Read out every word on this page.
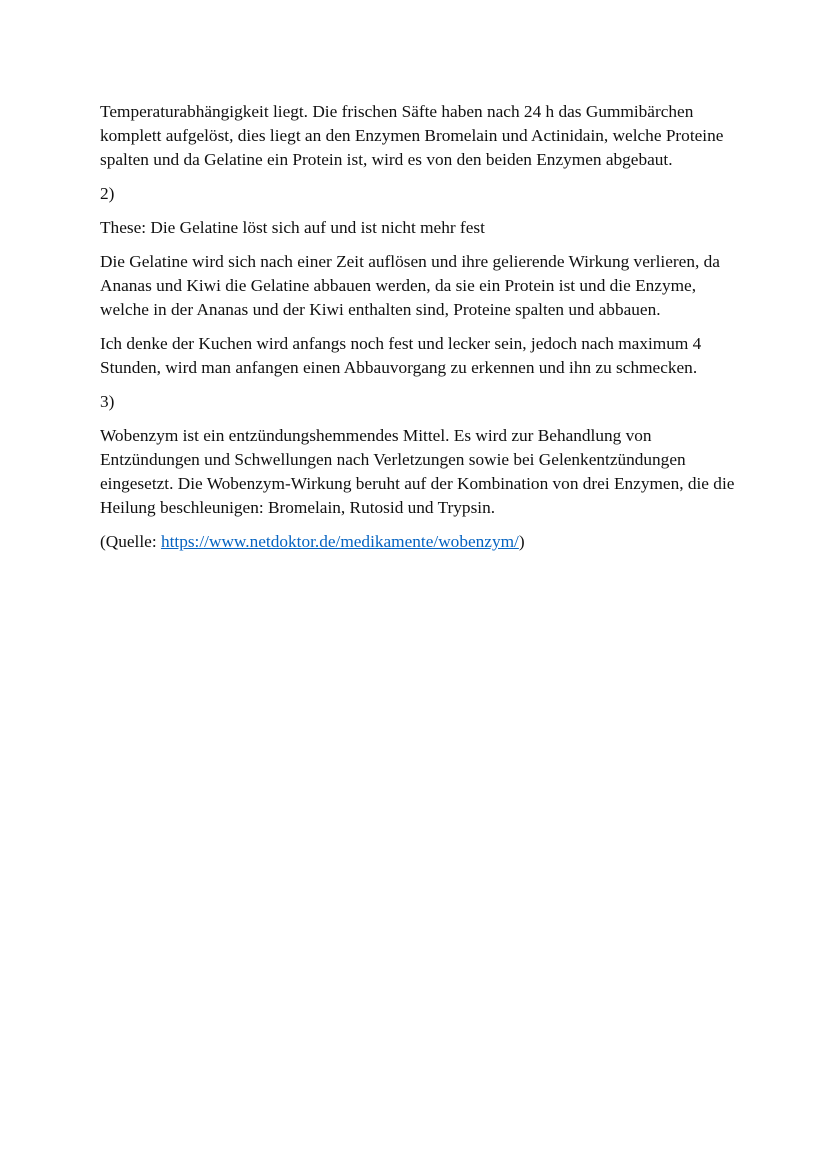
Temperaturabhängigkeit liegt. Die frischen Säfte haben nach 24 h das Gummibärchen komplett aufgelöst, dies liegt an den Enzymen Bromelain und Actinidain, welche Proteine spalten und da Gelatine ein Protein ist, wird es von den beiden Enzymen abgebaut.

2)

These: Die Gelatine löst sich auf und ist nicht mehr fest

Die Gelatine wird sich nach einer Zeit auflösen und ihre gelierende Wirkung verlieren, da Ananas und Kiwi die Gelatine abbauen werden, da sie ein Protein ist und die Enzyme, welche in der Ananas und der Kiwi enthalten sind, Proteine spalten und abbauen.

Ich denke der Kuchen wird anfangs noch fest und lecker sein, jedoch nach maximum 4 Stunden, wird man anfangen einen Abbauvorgang zu erkennen und ihn zu schmecken.

3)

Wobenzym ist ein entzündungshemmendes Mittel. Es wird zur Behandlung von Entzündungen und Schwellungen nach Verletzungen sowie bei Gelenkentzündungen eingesetzt. Die Wobenzym-Wirkung beruht auf der Kombination von drei Enzymen, die die Heilung beschleunigen: Bromelain, Rutosid und Trypsin.

(Quelle: https://www.netdoktor.de/medikamente/wobenzym/)
